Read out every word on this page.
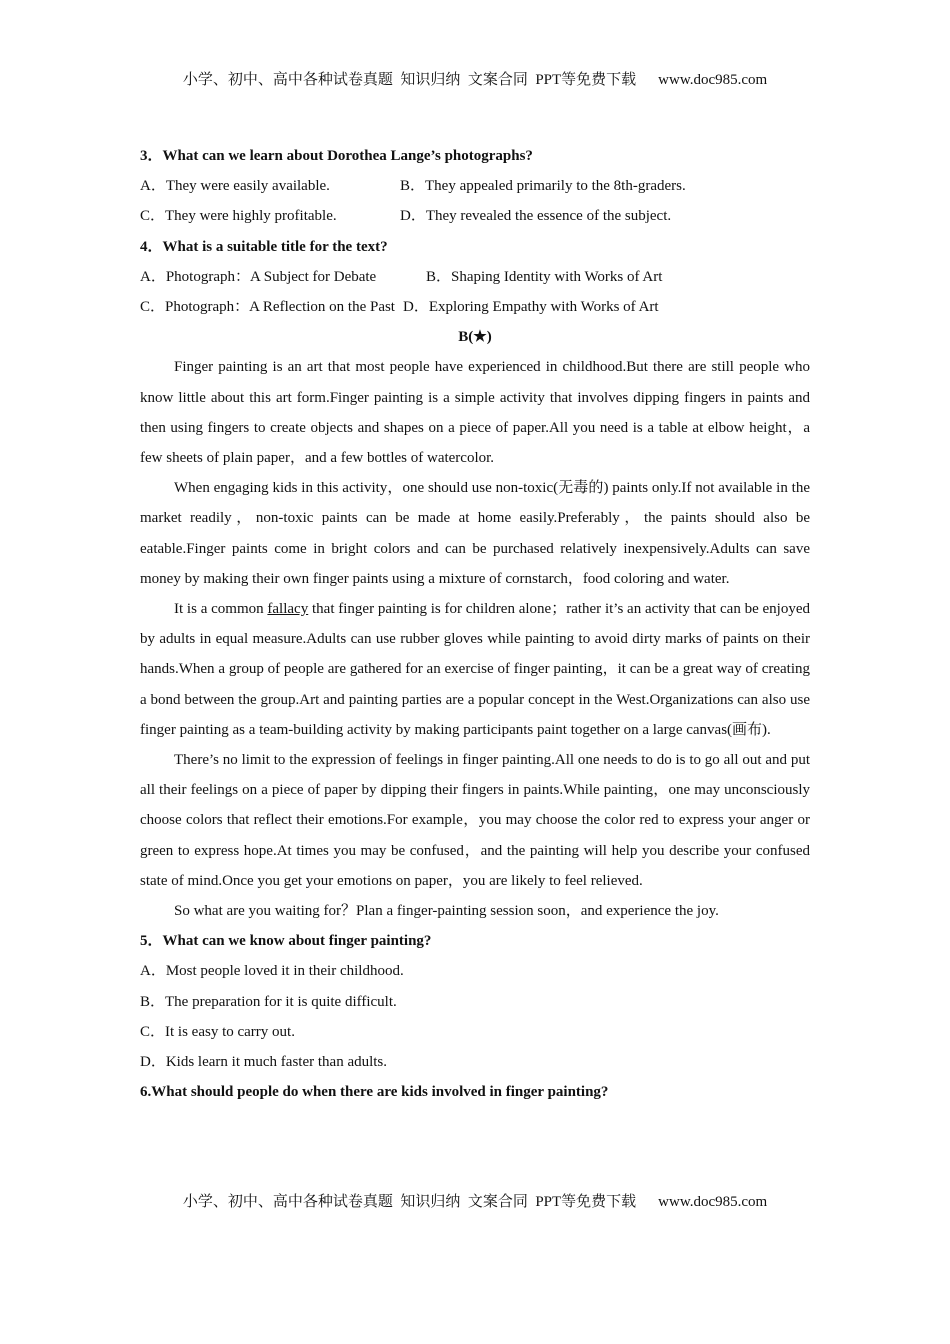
小学、初中、高中各种试卷真题  知识归纳  文案合同  PPT等免费下载 www.doc985.com

3．What can we learn about Dorothea Lange’s photographs?

A．They were easily available.	B．They appealed primarily to the 8th-graders.
C．They were highly profitable.	D．They revealed the essence of the subject.

4．What is a suitable title for the text?

A．Photograph：A Subject for Debate	B．Shaping Identity with Works of Art
C．Photograph：A Reflection on the Past D．Exploring Empathy with Works of Art

B(★)

Finger painting is an art that most people have experienced in childhood.But there are still people who know little about this art form.Finger painting is a simple activity that involves dipping fingers in paints and then using fingers to create objects and shapes on a piece of paper.All you need is a table at elbow height，a few sheets of plain paper，and a few bottles of watercolor.

When engaging kids in this activity，one should use non-toxic(无毒的) paints only.If not available in the market readily，non-toxic paints can be made at home easily.Preferably，the paints should also be eatable.Finger paints come in bright colors and can be purchased relatively inexpensively.Adults can save money by making their own finger paints using a mixture of cornstarch，food coloring and water.

It is a common fallacy that finger painting is for children alone；rather it’s an activity that can be enjoyed by adults in equal measure.Adults can use rubber gloves while painting to avoid dirty marks of paints on their hands.When a group of people are gathered for an exercise of finger painting，it can be a great way of creating a bond between the group.Art and painting parties are a popular concept in the West.Organizations can also use finger painting as a team-building activity by making participants paint together on a large canvas(画布).

There’s no limit to the expression of feelings in finger painting.All one needs to do is to go all out and put all their feelings on a piece of paper by dipping their fingers in paints.While painting，one may unconsciously choose colors that reflect their emotions.For example，you may choose the color red to express your anger or green to express hope.At times you may be confused，and the painting will help you describe your confused state of mind.Once you get your emotions on paper，you are likely to feel relieved.

So what are you waiting for？Plan a finger-painting session soon，and experience the joy.

5．What can we know about finger painting?

A．Most people loved it in their childhood.

B．The preparation for it is quite difficult.

C．It is easy to carry out.

D．Kids learn it much faster than adults.

6.What should people do when there are kids involved in finger painting?

小学、初中、高中各种试卷真题  知识归纳  文案合同  PPT等免费下载 www.doc985.com
